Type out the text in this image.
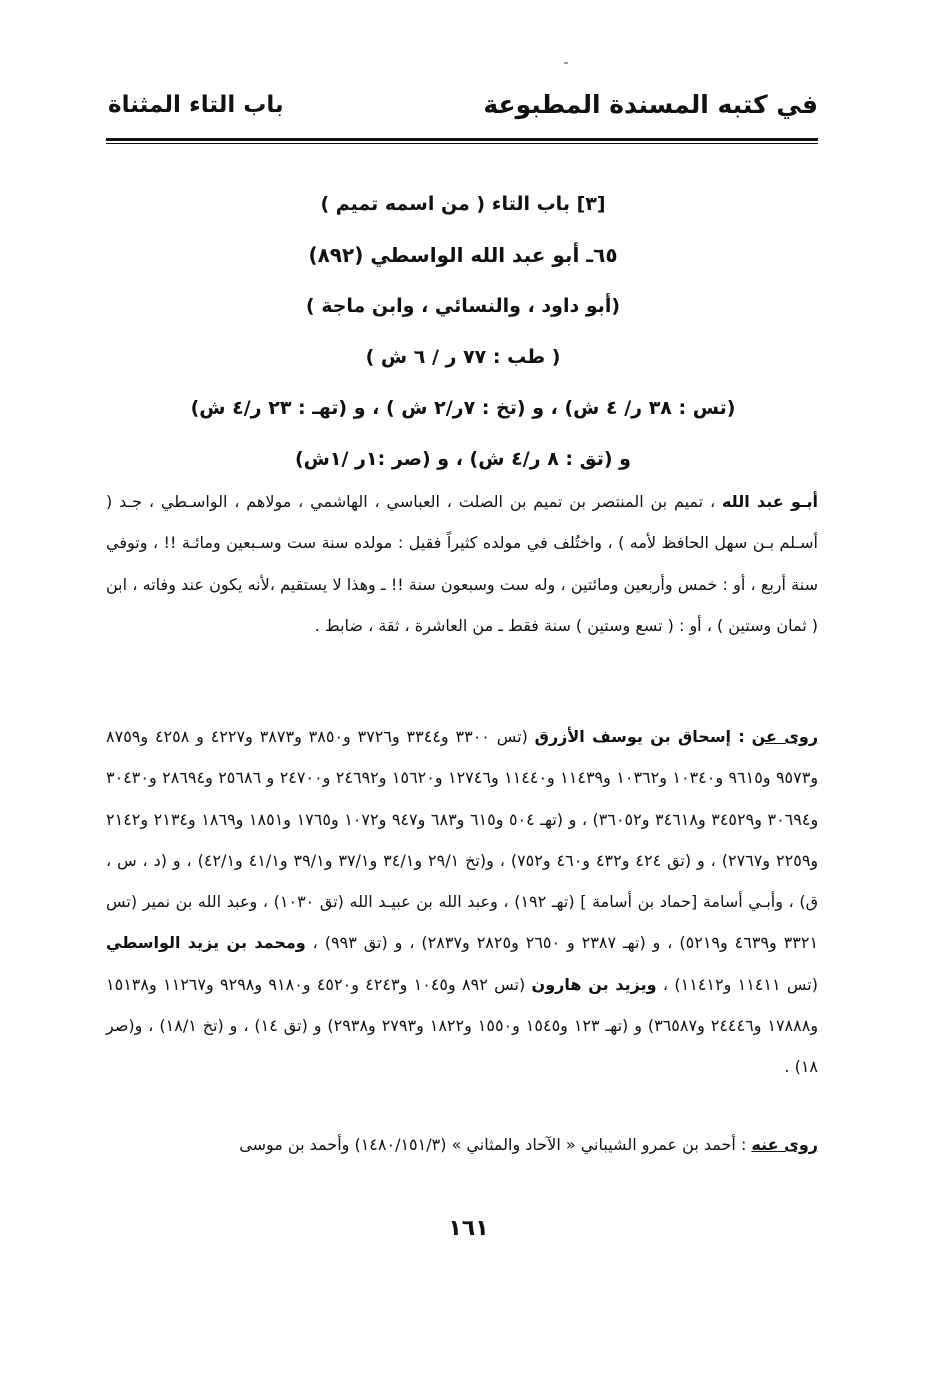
في كتبه المسندة المطبوعة
باب التاء المثناة
[٣] باب التاء ( من اسمه تميم )
٦٥ـ أبو عبد الله الواسطي (٨٩٢)
(أبو داود ، والنسائي ، وابن ماجة )
( طب : ٧٧ ر / ٦ ش )
(تس : ٣٨ ر/ ٤ ش) ، و (تخ : ٧ر/٢ ش ) ، و (تهـ : ٢٣ ر/٤ ش)
و (تق : ٨ ر/٤ ش) ، و (صر :١ر /١ش)
أبـو عبد الله ، تميم بن المنتصر بن تميم بن الصلت ، العباسي ، الهاشمي ، مولاهم ، الواسـطي ، جـد ( أسـلم بـن سهل الحافظ لأمه ) ، واختُلف في مولده كثيراً فقيل : مولده سنة ست وسـبعين ومائـة !! ، وتوفي سنة أربع ، أو : خمس وأربعين ومائتين ، وله ست وسبعون سنة !! ـ وهذا لا يستقيم ،لأنه يكون عند وفاته ، ابن ( ثمان وستين ) ، أو : ( تسع وستين ) سنة فقط ـ من العاشرة ، ثقة ، ضابط .
روى عن : إسحاق بن يوسف الأزرق (تس ٣٣٠٠ و٣٣٤٤ و٣٧٢٦ و٣٨٥٠ و٣٨٧٣ و٤٢٢٧ و ٤٢٥٨ و٨٧٥٩ و٩٥٧٣ و٩٦١٥ و١٠٣٤٠ و١٠٣٦٢ و١١٤٣٩ و١١٤٤٠ و١٢٧٤٦ و١٥٦٢٠ و٢٤٦٩٢ و٢٤٧٠٠ و ٢٥٦٨٦ و٢٨٦٩٤ و٣٠٤٣٠ و٣٠٦٩٤ و٣٤٥٢٩ و٣٤٦١٨ و٣٦٠٥٢) ، و (تهـ ٥٠٤ و٦١٥ و٦٨٣ و٩٤٧ و١٠٧٢ و١٧٦٥ و١٨٥١ و١٨٦٩ و٢١٣٤ و٢١٤٢ و٢٢٥٩ و٢٧٦٧) ، و (تق ٤٢٤ و٤٣٢ و٤٦٠ و٧٥٢) ، و(تخ ٢٩/١ و٣٤/١ و٣٧/١ و٣٩/١ و٤١/١ و٤٢/١) ، و (د ، س ، ق) ، وأبـي أسامة [حماد بن أسامة ] (تهـ ١٩٢) ، وعبد الله بن عبيـد الله (تق ١٠٣٠) ، وعبد الله بن نمير (تس ٣٣٢١ و٤٦٣٩ و٥٢١٩) ، و (تهـ ٢٣٨٧ و ٢٦٥٠ و٢٨٢٥ و٢٨٣٧) ، و (تق ٩٩٣) ، ومحمد بن يزيد الواسطي (تس ١١٤١١ و١١٤١٢) ، ويزيد بن هارون (تس ٨٩٢ و١٠٤٥ و٤٢٤٣ و٤٥٢٠ و٩١٨٠ و٩٢٩٨ و١١٢٦٧ و١٥١٣٨ و١٧٨٨٨ و٢٤٤٤٦ و٣٦٥٨٧) و (تهـ ١٢٣ و١٥٤٥ و١٥٥٠ و١٨٢٢ و٢٧٩٣ و٢٩٣٨) و (تق ١٤) ، و (تخ ١٨/١) ، و(صر ١٨) .
روى عنه : أحمد بن عمرو الشيباني « الآحاد والمثاني » (١٤٨٠/١٥١/٣) وأحمد بن موسى
١٦١
